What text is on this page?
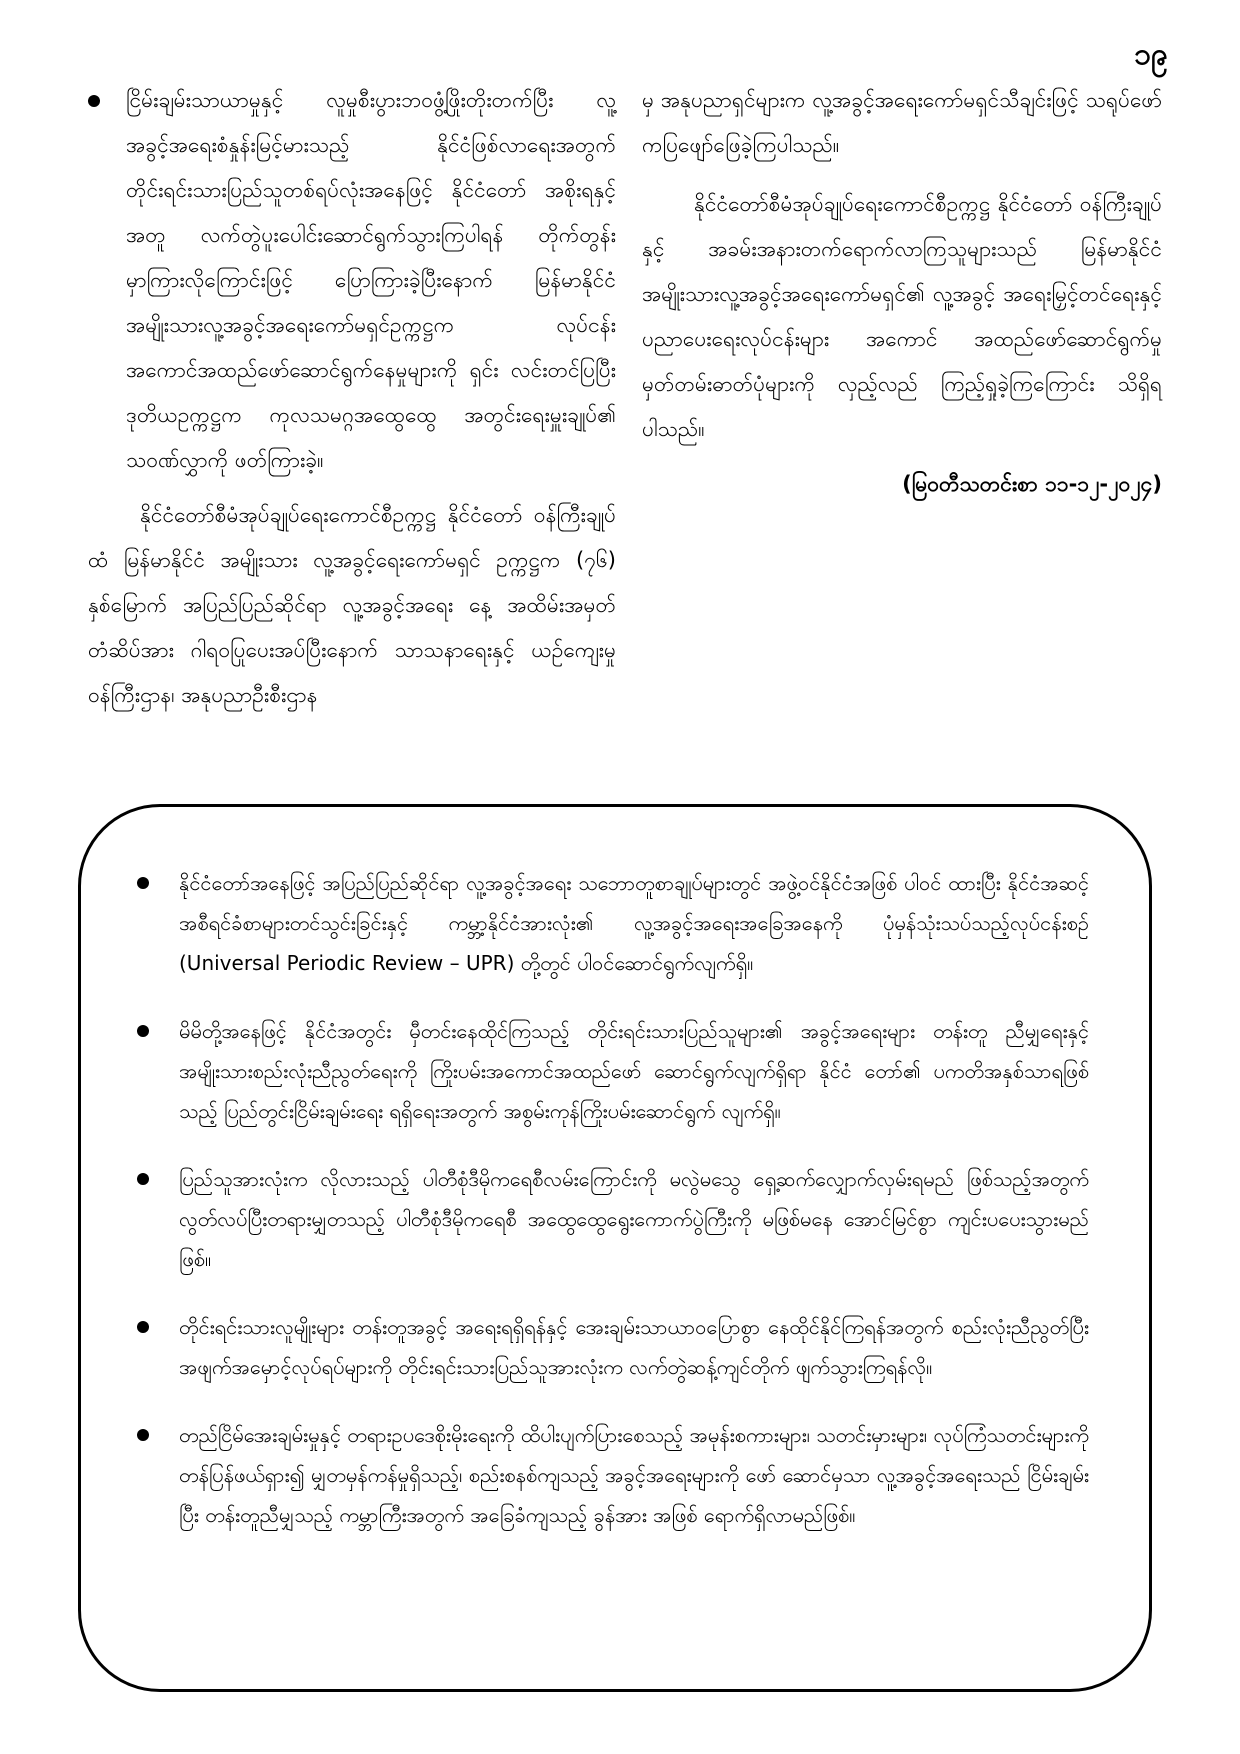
၁၉

ငြိမ်းချမ်းသာယာမှုနှင့် လူမှုစီးပွားဘဝဖွံ့ဖြိုးတိုးတက်ပြီး လူ့အခွင့်အရေးစံနှုန်းမြင့်မားသည့် နိုင်ငံဖြစ်လာရေးအတွက် တိုင်းရင်းသားပြည်သူတစ်ရပ်လုံးအနေဖြင့် နိုင်ငံတော် အစိုးရနှင့်အတူ လက်တွဲပူးပေါင်းဆောင်ရွက်သွားကြပါရန် တိုက်တွန်းမှာကြားလိုကြောင်းဖြင့် ပြောကြားခဲ့ပြီးနောက် မြန်မာနိုင်ငံအမျိုးသားလူ့အခွင့်အရေးကော်မရှင်ဥက္ကဋ္ဌက လုပ်ငန်းအကောင်အထည်ဖော်ဆောင်ရွက်နေမှုများကို ရှင်း လင်းတင်ပြပြီး ဒုတိယဥက္ကဋ္ဌက ကုလသမဂ္ဂအထွေထွေ အတွင်းရေးမှူးချုပ်၏ သဝဏ်လွှာကို ဖတ်ကြားခဲ့။

နိုင်ငံတော်စီမံအုပ်ချုပ်ရေးကောင်စီဥက္ကဋ္ဌ နိုင်ငံတော် ဝန်ကြီးချုပ်ထံ မြန်မာနိုင်ငံ အမျိုးသား လူ့အခွင့်ရေးကော်မရှင် ဥက္ကဋ္ဌက (၇၆) နှစ်မြောက် အပြည်ပြည်ဆိုင်ရာ လူ့အခွင့်အရေး နေ့ အထိမ်းအမှတ်တံဆိပ်အား ဂါရဝပြုပေးအပ်ပြီးနောက် သာသနာရေးနှင့် ယဉ်ကျေးမှုဝန်ကြီးဌာန၊ အနုပညာဦးစီးဌာန

မှ အနုပညာရှင်များက လူ့အခွင့်အရေးကော်မရှင်သီချင်းဖြင့် သရုပ်ဖော်ကပြဖျော်ဖြေခဲ့ကြပါသည်။

နိုင်ငံတော်စီမံအုပ်ချုပ်ရေးကောင်စီဥက္ကဋ္ဌ နိုင်ငံတော် ဝန်ကြီးချုပ်နှင့် အခမ်းအနားတက်ရောက်လာကြသူများသည် မြန်မာနိုင်ငံအမျိုးသားလူ့အခွင့်အရေးကော်မရှင်၏ လူ့အခွင့် အရေးမြှင့်တင်ရေးနှင့် ပညာပေးရေးလုပ်ငန်းများ အကောင် အထည်ဖော်ဆောင်ရွက်မှု မှတ်တမ်းဓာတ်ပုံများကို လှည့်လည် ကြည့်ရှုခဲ့ကြကြောင်း သိရှိရပါသည်။

(မြဝတီသတင်းစာ ၁၁-၁၂-၂၀၂၄)

နိုင်ငံတော်အနေဖြင့် အပြည်ပြည်ဆိုင်ရာ လူ့အခွင့်အရေး သဘောတူစာချုပ်များတွင် အဖွဲ့ဝင်နိုင်ငံအဖြစ် ပါဝင် ထားပြီး နိုင်ငံအဆင့်အစီရင်ခံစာများတင်သွင်းခြင်းနှင့် ကမ္ဘာ့နိုင်ငံအားလုံး၏ လူ့အခွင့်အရေးအခြေအနေကို ပုံမှန်သုံးသပ်သည့်လုပ်ငန်းစဉ် (Universal Periodic Review – UPR) တို့တွင် ပါဝင်ဆောင်ရွက်လျက်ရှိ။
မိမိတို့အနေဖြင့် နိုင်ငံအတွင်း မှီတင်းနေထိုင်ကြသည့် တိုင်းရင်းသားပြည်သူများ၏ အခွင့်အရေးများ တန်းတူ ညီမျှရေးနှင့် အမျိုးသားစည်းလုံးညီညွတ်ရေးကို ကြိုးပမ်းအကောင်အထည်ဖော် ဆောင်ရွက်လျက်ရှိရာ နိုင်ငံ တော်၏ ပကတိအနှစ်သာရဖြစ်သည့် ပြည်တွင်းငြိမ်းချမ်းရေး ရရှိရေးအတွက် အစွမ်းကုန်ကြိုးပမ်းဆောင်ရွက် လျက်ရှိ။
ပြည်သူအားလုံးက လိုလားသည့် ပါတီစုံဒီမိုကရေစီလမ်းကြောင်းကို မလွဲမသွေ ရှေ့ဆက်လျှောက်လှမ်းရမည် ဖြစ်သည့်အတွက် လွတ်လပ်ပြီးတရားမျှတသည့် ပါတီစုံဒီမိုကရေစီ အထွေထွေရွေးကောက်ပွဲကြီးကို မဖြစ်မနေ အောင်မြင်စွာ ကျင်းပပေးသွားမည်ဖြစ်။
တိုင်းရင်းသားလူမျိုးများ တန်းတူအခွင့် အရေးရရှိရန်နှင့် အေးချမ်းသာယာဝပြောစွာ နေထိုင်နိုင်ကြရန်အတွက် စည်းလုံးညီညွတ်ပြီး အဖျက်အမှောင့်လုပ်ရပ်များကို တိုင်းရင်းသားပြည်သူအားလုံးက လက်တွဲဆန့်ကျင်တိုက် ဖျက်သွားကြရန်လို။
တည်ငြိမ်အေးချမ်းမှုနှင့် တရားဥပဒေစိုးမိုးရေးကို ထိပါးပျက်ပြားစေသည့် အမုန်းစကားများ၊ သတင်းမှားများ၊ လုပ်ကြံသတင်းများကို တန်ပြန်ဖယ်ရှား၍ မျှတမှန်ကန်မှုရှိသည့်၊ စည်းစနစ်ကျသည့် အခွင့်အရေးများကို ဖော် ဆောင်မှသာ လူ့အခွင့်အရေးသည် ငြိမ်းချမ်းပြီး တန်းတူညီမျှသည့် ကမ္ဘာကြီးအတွက် အခြေခံကျသည့် ခွန်အား အဖြစ် ရောက်ရှိလာမည်ဖြစ်။
